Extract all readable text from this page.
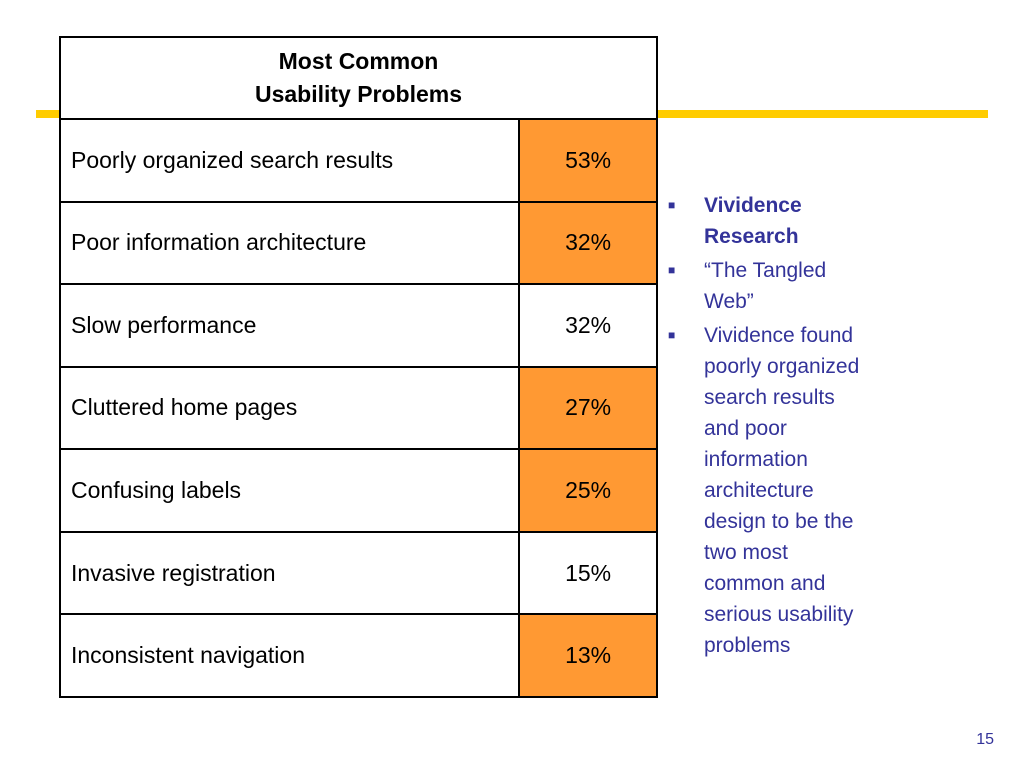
Most Common
Usability Problems	
Poorly organized search results	53%
Poor information architecture	32%
Slow performance	32%
Cluttered home pages	27%
Confusing labels	25%
Invasive registration	15%
Inconsistent navigation	13%
■ Vividence
Research
■ “The Tangled
Web”
■ Vividence found
poorly organized
search results
and poor
information
architecture
design to be the
two most
common and
serious usability
problems
15
